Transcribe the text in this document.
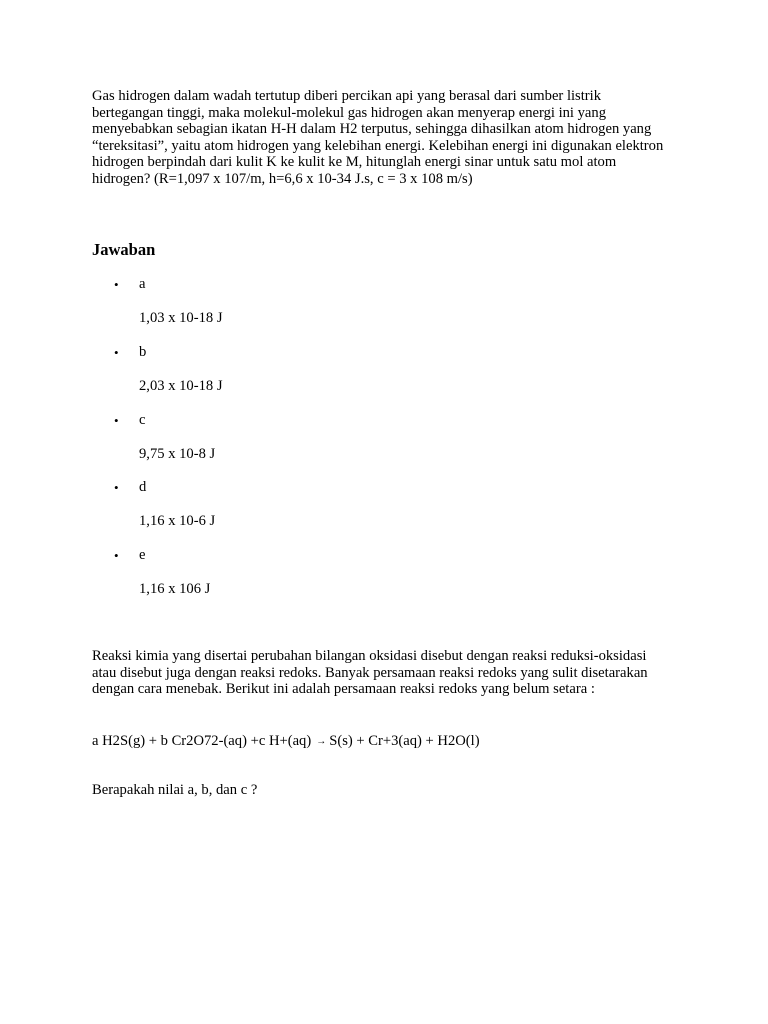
Gas hidrogen dalam wadah tertutup diberi percikan api yang berasal dari sumber listrik bertegangan tinggi, maka molekul-molekul gas hidrogen akan menyerap energi ini yang menyebabkan sebagian ikatan H-H dalam H2 terputus, sehingga dihasilkan atom hidrogen yang “tereksitasi”, yaitu atom hidrogen yang kelebihan energi. Kelebihan energi ini digunakan elektron hidrogen berpindah dari kulit K ke kulit ke M, hitunglah energi sinar untuk satu mol atom hidrogen? (R=1,097 x 107/m, h=6,6 x 10-34 J.s, c = 3 x 108 m/s)

Jawaban
• a
1,03 x 10-18 J
• b
2,03 x 10-18 J
• c
9,75 x 10-8 J
• d
1,16 x 10-6 J
• e
1,16 x 106 J

Reaksi kimia yang disertai perubahan bilangan oksidasi disebut dengan reaksi reduksi-oksidasi atau disebut juga dengan reaksi redoks. Banyak persamaan reaksi redoks yang sulit disetarakan dengan cara menebak. Berikut ini adalah persamaan reaksi redoks yang belum setara :

a H2S(g) + b Cr2O72-(aq) +c H+(aq) → S(s) + Cr+3(aq) + H2O(l)

Berapakah nilai a, b, dan c ?
